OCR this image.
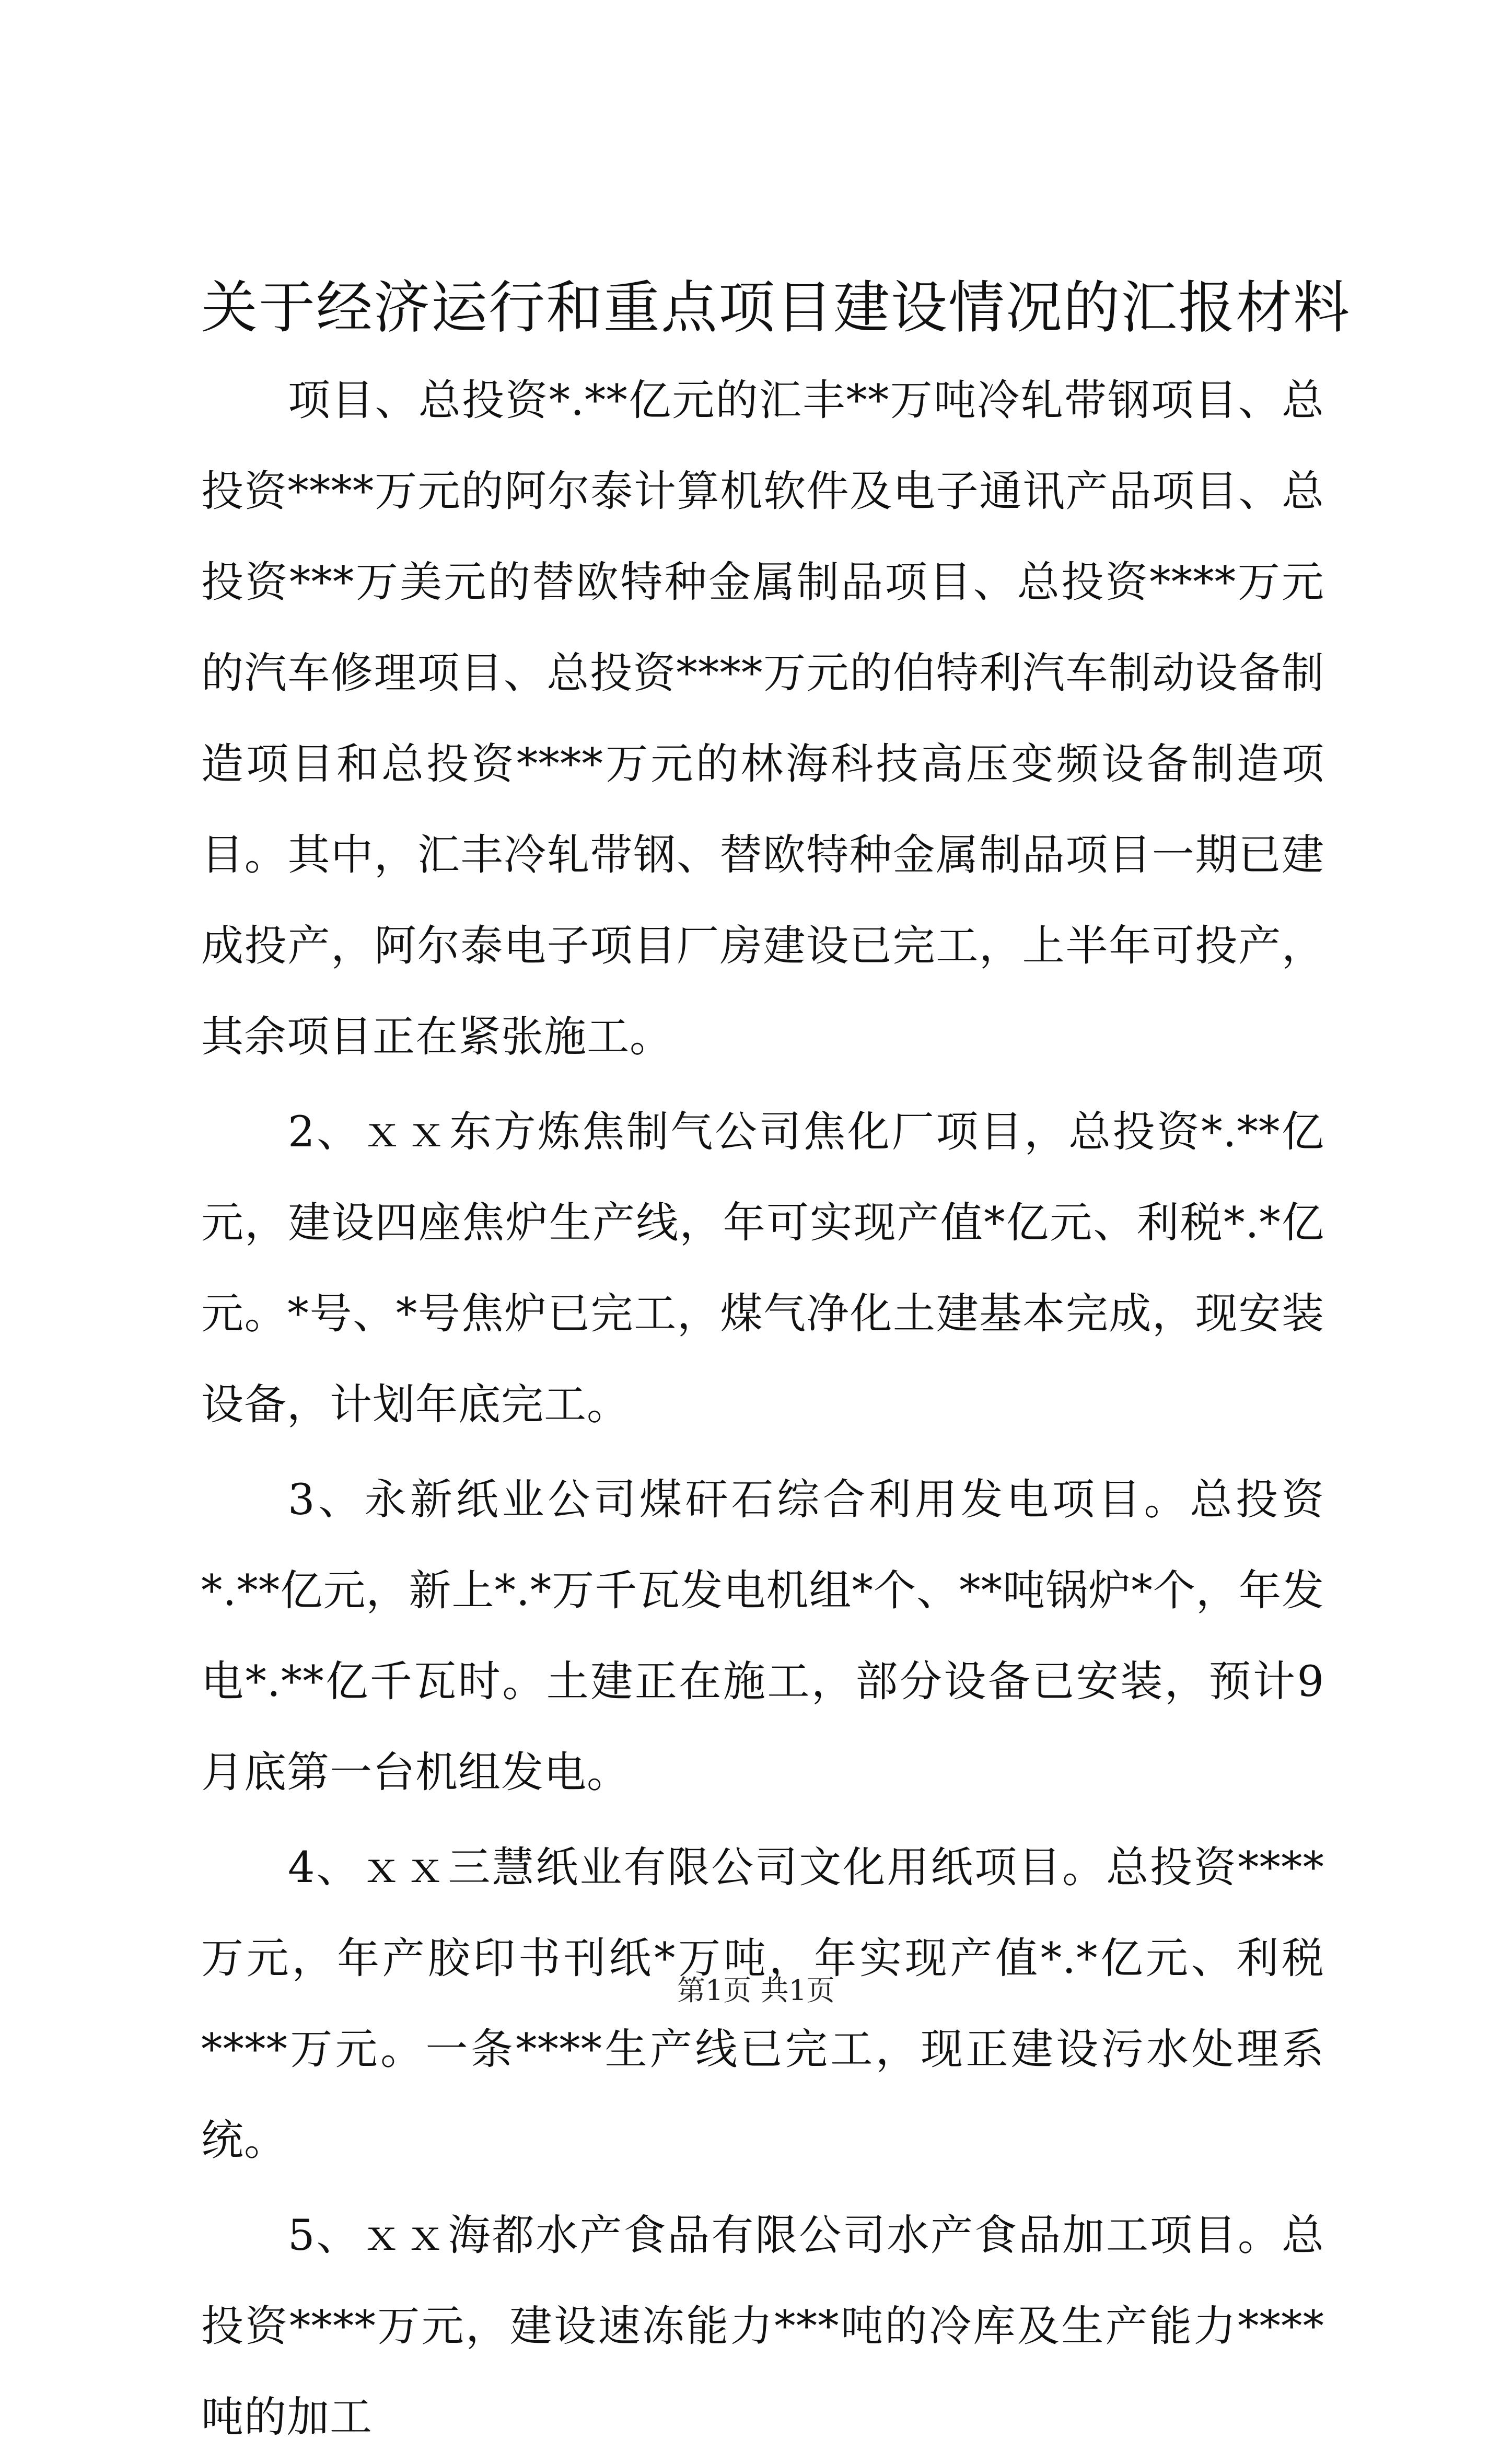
关于经济运行和重点项目建设情况的汇报材料

项目、总投资*.**亿元的汇丰**万吨冷轧带钢项目、总投资****万元的阿尔泰计算机软件及电子通讯产品项目、总投资***万美元的替欧特种金属制品项目、总投资****万元的汽车修理项目、总投资****万元的伯特利汽车制动设备制造项目和总投资****万元的林海科技高压变频设备制造项目。其中，汇丰冷轧带钢、替欧特种金属制品项目一期已建成投产，阿尔泰电子项目厂房建设已完工，上半年可投产，其余项目正在紧张施工。

2、ｘｘ东方炼焦制气公司焦化厂项目，总投资*.**亿元，建设四座焦炉生产线，年可实现产值*亿元、利税*.*亿元。*号、*号焦炉已完工，煤气净化土建基本完成，现安装设备，计划年底完工。

3、永新纸业公司煤矸石综合利用发电项目。总投资*.**亿元，新上*.*万千瓦发电机组*个、**吨锅炉*个，年发电*.**亿千瓦时。土建正在施工，部分设备已安装，预计9月底第一台机组发电。

4、ｘｘ三慧纸业有限公司文化用纸项目。总投资****万元，年产胶印书刊纸*万吨，年实现产值*.*亿元、利税****万元。一条****生产线已完工，现正建设污水处理系统。

5、ｘｘ海都水产食品有限公司水产食品加工项目。总投资****万元，建设速冻能力***吨的冷库及生产能力****吨的加工

第1页 共1页
